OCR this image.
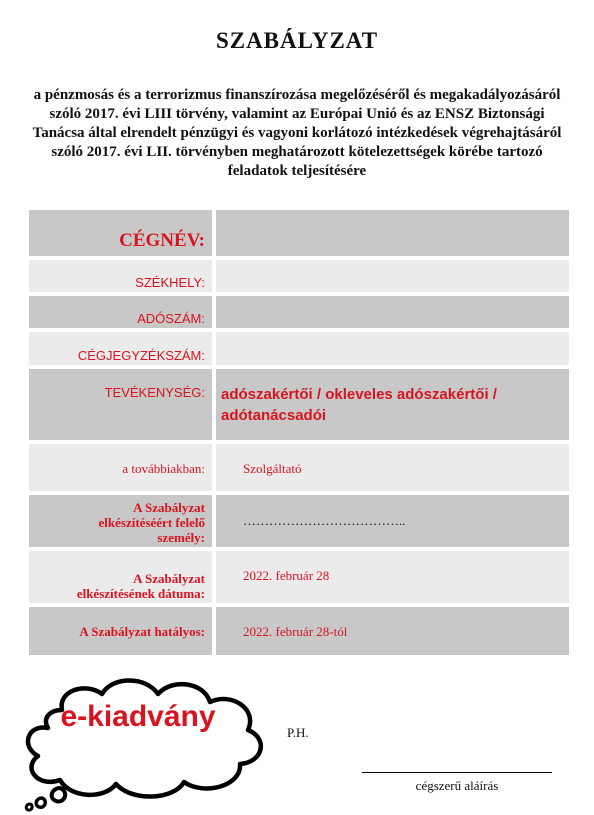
SZABÁLYZAT
a pénzmosás és a terrorizmus finanszírozása megelőzéséről és megakadályozásáról szóló 2017. évi LIII törvény, valamint az Európai Unió és az ENSZ Biztonsági Tanácsa által elrendelt pénzügyi és vagyoni korlátozó intézkedések végrehajtásáról szóló 2017. évi LII. törvényben meghatározott kötelezettségek körébe tartozó feladatok teljesítésére
CÉGNÉV:
SZÉKHELY:
ADÓSZÁM:
CÉGJEGYZÉKSZÁM:
TEVÉKENYSÉG:	adószakértői / okleveles adószakértői / adótanácsadói
a továbbiakban:	Szolgáltató
A Szabályzat elkészítéséért felelő személy:
………………………………..
A Szabályzat elkészítésének dátuma:
2022. február 28
A Szabályzat hatályos:	2022. február 28-tól
e-kiadvány	P.H.
cégszerű aláírás
